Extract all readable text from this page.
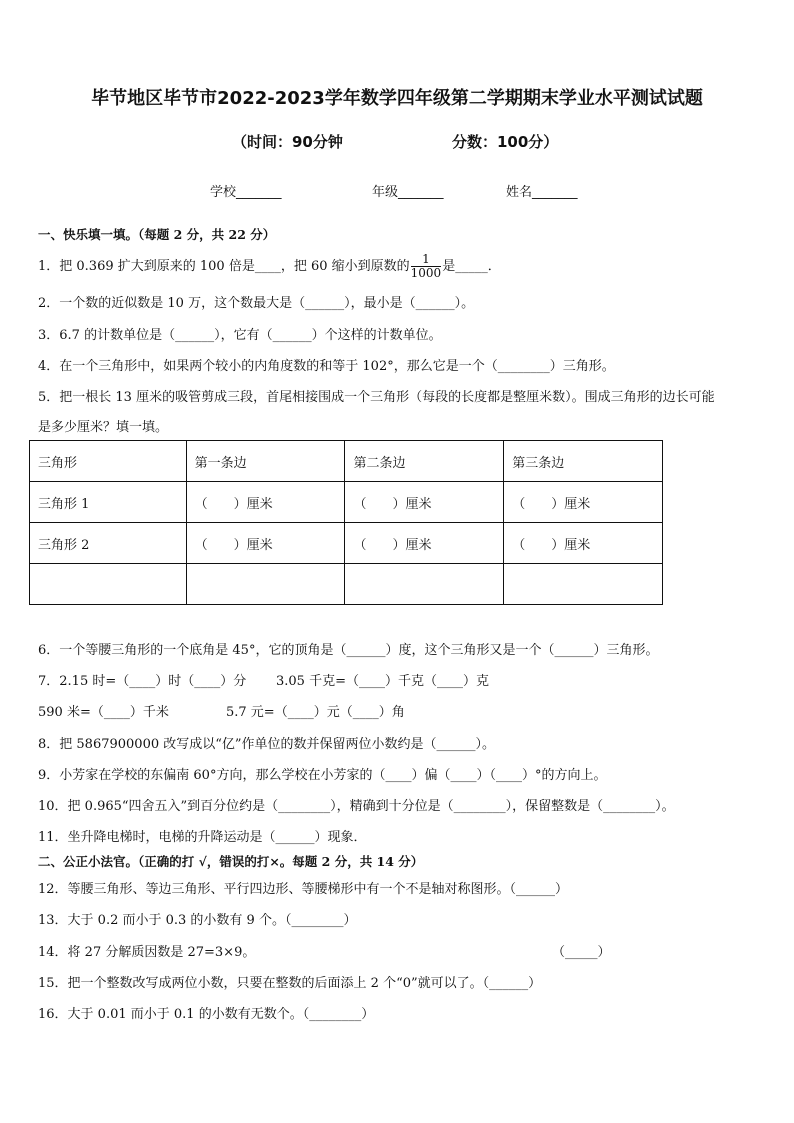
毕节地区毕节市2022-2023学年数学四年级第二学期期末学业水平测试试题
（时间：90分钟	分数：100分）
学校_______	年级_______	姓名_______
一、快乐填一填。（每题 2 分，共 22 分）
1．把 0.369 扩大到原来的 100 倍是____，把 60 缩小到原数的 $\frac{1}{1000}$ 是_____．
2．一个数的近似数是 10 万，这个数最大是（______），最小是（______）。
3．6.7 的计数单位是（______），它有（______）个这样的计数单位。
4．在一个三角形中，如果两个较小的内角度数的和等于 102°，那么它是一个（________）三角形。
5．把一根长 13 厘米的吸管剪成三段，首尾相接围成一个三角形（每段的长度都是整厘米数）。围成三角形的边长可能
是多少厘米？填一填。
三角形	第一条边	第二条边	第三条边
三角形 1	（　　）厘米	（　　）厘米	（　　）厘米
三角形 2	（　　）厘米	（　　）厘米	（　　）厘米

6．一个等腰三角形的一个底角是 45°，它的顶角是（______）度，这个三角形又是一个（______）三角形。
7．2.15 时=（____）时（____）分 3.05 千克=（____）千克（____）克
590 米=（____）千米	5.7 元=（____）元（____）角
8．把 5867900000 改写成以“亿”作单位的数并保留两位小数约是（______）。
9．小芳家在学校的东偏南 60°方向，那么学校在小芳家的（____）偏（____）（____）°的方向上。
10．把 0.965“四舍五入”到百分位约是（________），精确到十分位是（________），保留整数是（________）。
11．坐升降电梯时，电梯的升降运动是（______）现象．
二、公正小法官。（正确的打 √，错误的打×。每题 2 分，共 14 分）
12．等腰三角形、等边三角形、平行四边形、等腰梯形中有一个不是轴对称图形。（______）
13．大于 0.2 而小于 0.3 的小数有 9 个。（________）
14．将 27 分解质因数是 27=3×9。	（_____）
15．把一个整数改写成两位小数，只要在整数的后面添上 2 个“0”就可以了。（______）
16．大于 0.01 而小于 0.1 的小数有无数个。（________）
